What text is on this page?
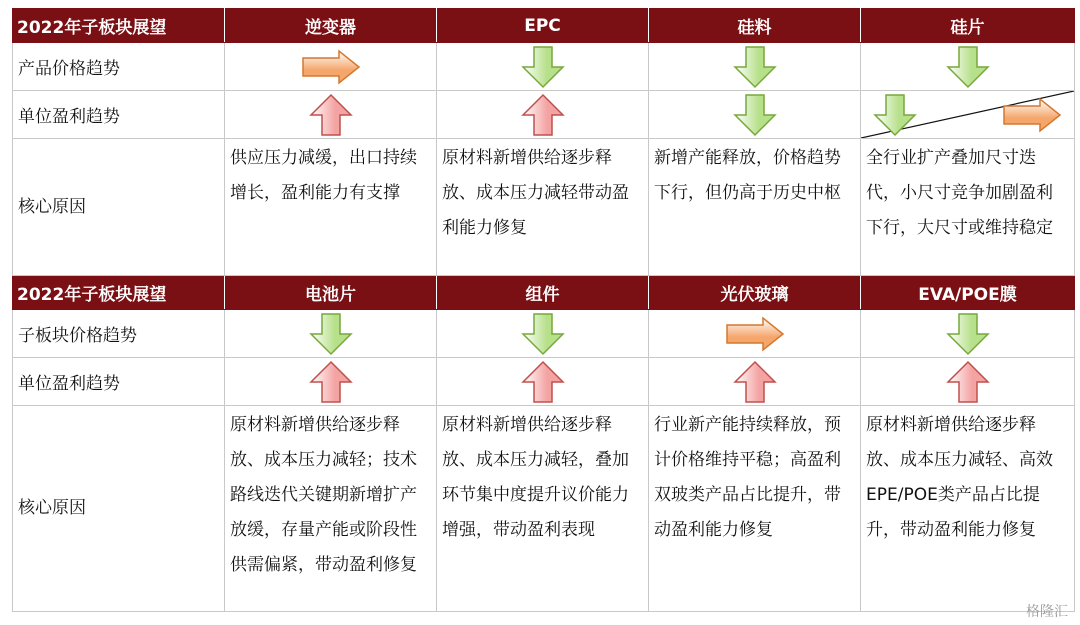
2022年子板块展望	逆变器	EPC	硅料	硅片
产品价格趋势	

单位盈利趋势	

核心原因	供应压力减缓，出口持续增长，盈利能力有支撑	原材料新增供给逐步释放、成本压力减轻带动盈利能力修复	新增产能释放，价格趋势下行，但仍高于历史中枢	全行业扩产叠加尺寸迭代，小尺寸竞争加剧盈利下行，大尺寸或维持稳定
2022年子板块展望	电池片	组件	光伏玻璃	EVA/POE膜
子板块价格趋势	

单位盈利趋势	

核心原因	原材料新增供给逐步释放、成本压力减轻；技术路线迭代关键期新增扩产放缓，存量产能或阶段性供需偏紧，带动盈利修复	原材料新增供给逐步释放、成本压力减轻，叠加环节集中度提升议价能力增强，带动盈利表现	行业新产能持续释放，预计价格维持平稳；高盈利双玻类产品占比提升，带动盈利能力修复	原材料新增供给逐步释放、成本压力减轻、高效EPE/POE类产品占比提升，带动盈利能力修复
格隆汇
